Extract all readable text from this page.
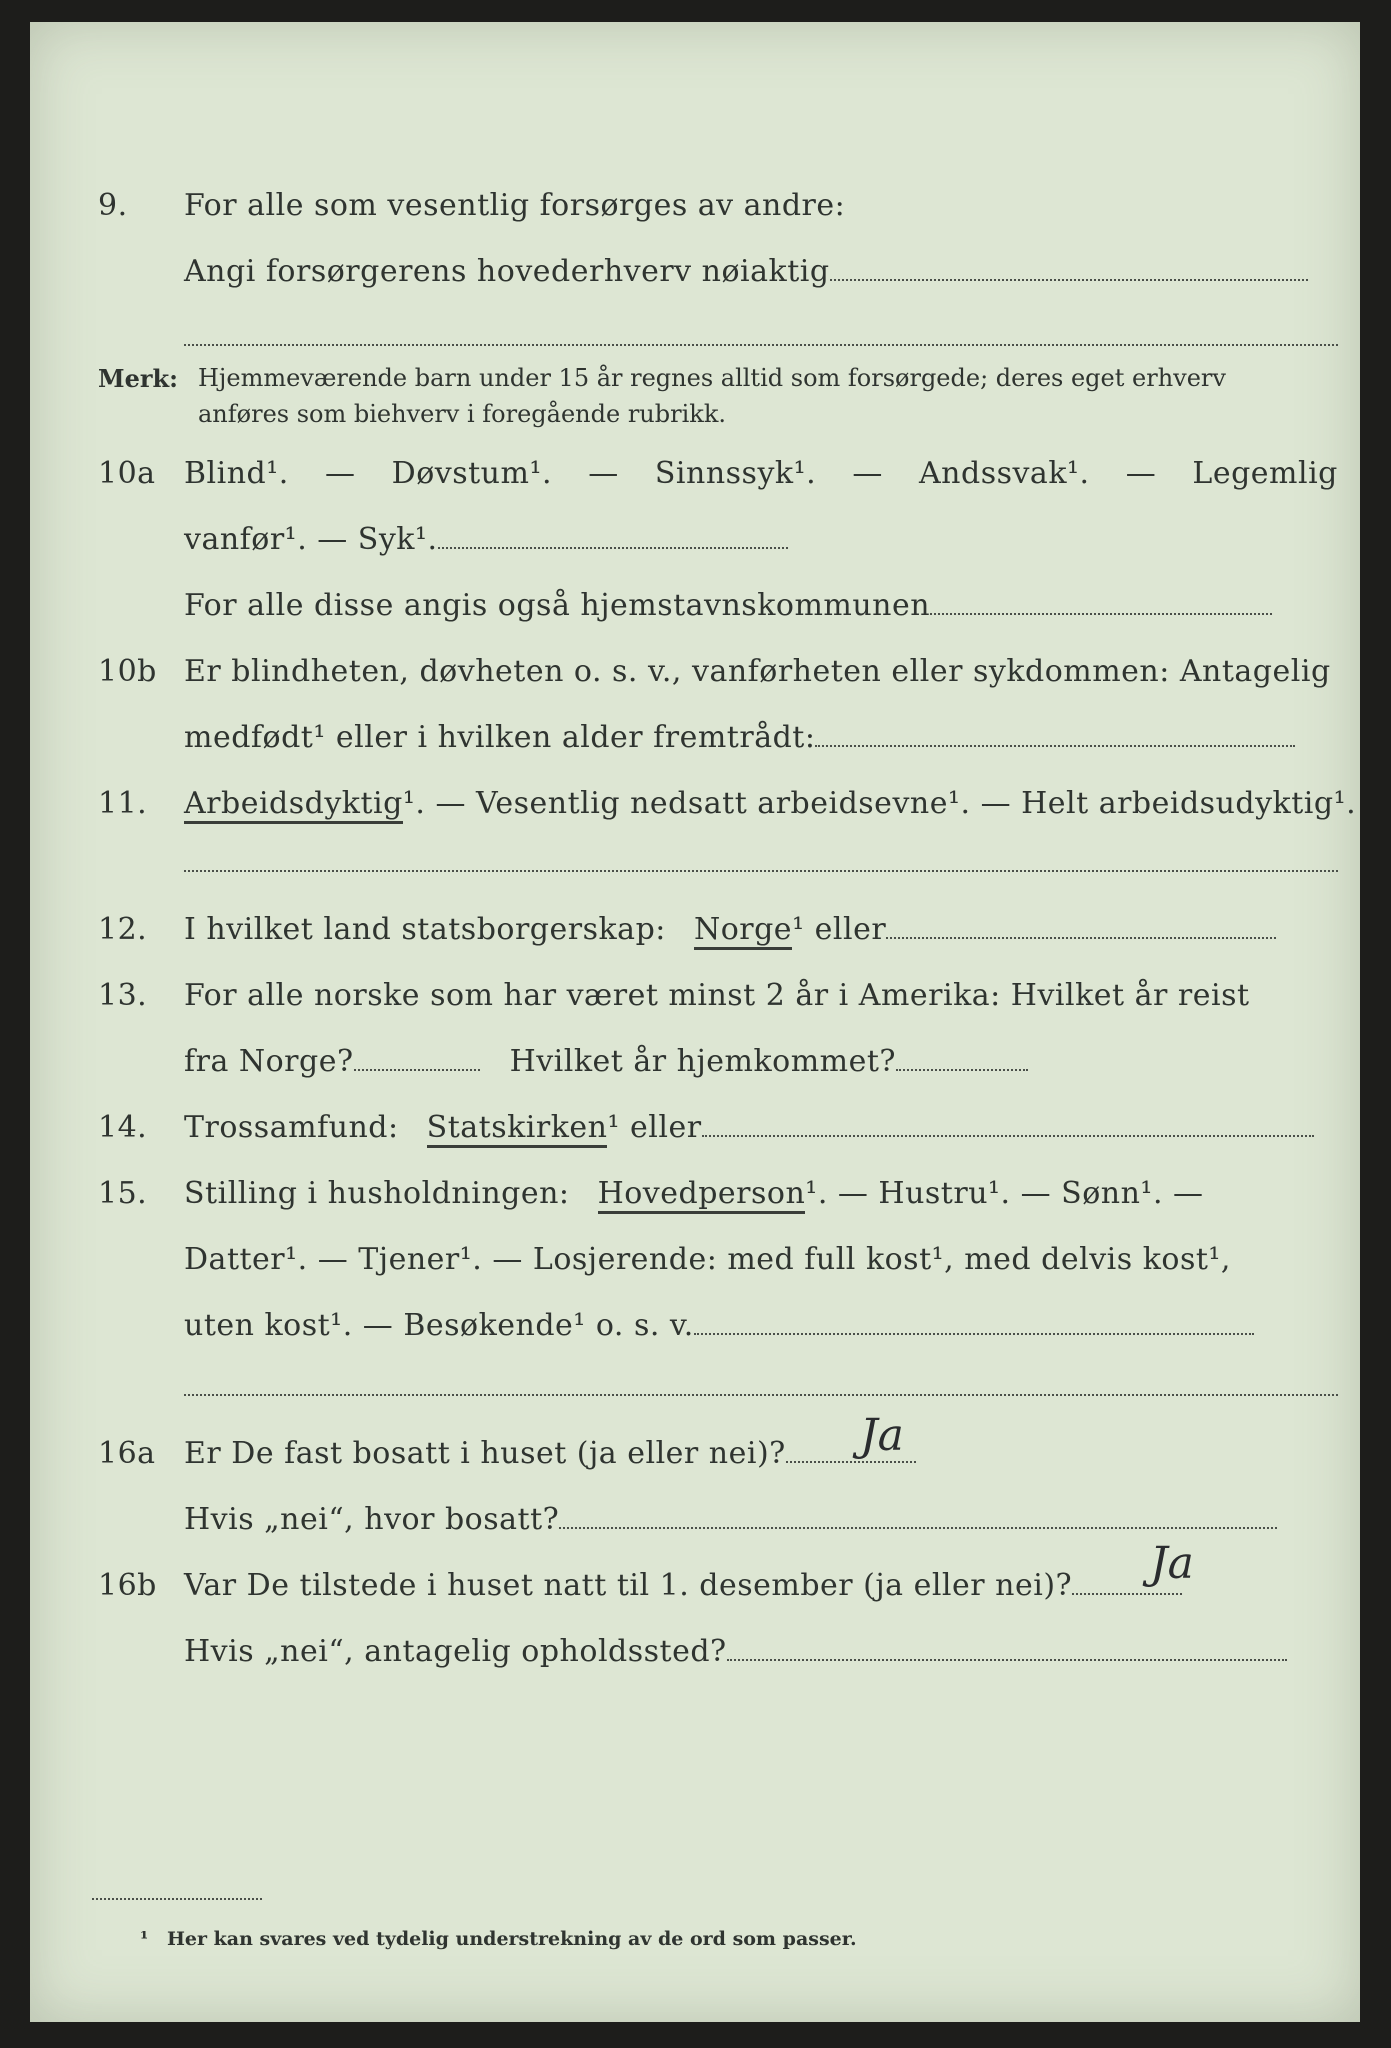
9. For alle som vesentlig forsørges av andre:
Angi forsørgerens hovederhverv nøiaktig
Merk: Hjemmeværende barn under 15 år regnes alltid som forsørgede; deres eget erhverv
anføres som biehverv i foregående rubrikk.
10a Blind¹. — Døvstum¹. — Sinnssyk¹. — Andssvak¹. — Legemlig
vanfør¹. — Syk¹.
For alle disse angis også hjemstavnskommunen
10b Er blindheten, døvheten o. s. v., vanførheten eller sykdommen: Antagelig
medfødt¹ eller i hvilken alder fremtrådt:
11. Arbeidsdyktig¹. — Vesentlig nedsatt arbeidsevne¹. — Helt arbeidsudyktig¹.
12. I hvilket land statsborgerskap: Norge¹ eller
13. For alle norske som har været minst 2 år i Amerika: Hvilket år reist
fra Norge?	Hvilket år hjemkommet?
14. Trossamfund: Statskirken¹ eller
15. Stilling i husholdningen: Hovedperson¹. — Hustru¹. — Sønn¹. —
Datter¹. — Tjener¹. — Losjerende: med full kost¹, med delvis kost¹,
uten kost¹. — Besøkende¹ o. s. v.
16a Er De fast bosatt i huset (ja eller nei)?	Ja
Hvis „nei“, hvor bosatt?
16b Var De tilstede i huset natt til 1. desember (ja eller nei)?	Ja
Hvis „nei“, antagelig opholdssted?
¹ Her kan svares ved tydelig understrekning av de ord som passer.
